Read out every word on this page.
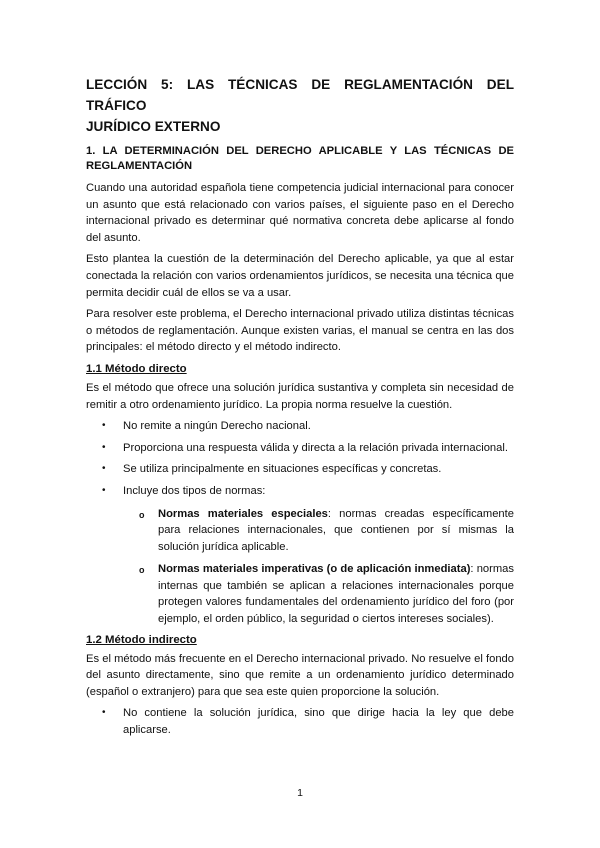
LECCIÓN 5: LAS TÉCNICAS DE REGLAMENTACIÓN DEL TRÁFICO
JURÍDICO EXTERNO
1. LA DETERMINACIÓN DEL DERECHO APLICABLE Y LAS TÉCNICAS DE
REGLAMENTACIÓN

Cuando una autoridad española tiene competencia judicial internacional para conocer un asunto que está relacionado con varios países, el siguiente paso en el Derecho internacional privado es determinar qué normativa concreta debe aplicarse al fondo del asunto.

Esto plantea la cuestión de la determinación del Derecho aplicable, ya que al estar conectada la relación con varios ordenamientos jurídicos, se necesita una técnica que permita decidir cuál de ellos se va a usar.

Para resolver este problema, el Derecho internacional privado utiliza distintas técnicas o métodos de reglamentación. Aunque existen varias, el manual se centra en las dos principales: el método directo y el método indirecto.

1.1 Método directo

Es el método que ofrece una solución jurídica sustantiva y completa sin necesidad de remitir a otro ordenamiento jurídico. La propia norma resuelve la cuestión.

• No remite a ningún Derecho nacional.
• Proporciona una respuesta válida y directa a la relación privada internacional.
• Se utiliza principalmente en situaciones específicas y concretas.
• Incluye dos tipos de normas:
o Normas materiales especiales: normas creadas específicamente para relaciones internacionales, que contienen por sí mismas la solución jurídica aplicable.
o Normas materiales imperativas (o de aplicación inmediata): normas internas que también se aplican a relaciones internacionales porque protegen valores fundamentales del ordenamiento jurídico del foro (por ejemplo, el orden público, la seguridad o ciertos intereses sociales).
1.2 Método indirecto

Es el método más frecuente en el Derecho internacional privado. No resuelve el fondo del asunto directamente, sino que remite a un ordenamiento jurídico determinado (español o extranjero) para que sea este quien proporcione la solución.

• No contiene la solución jurídica, sino que dirige hacia la ley que debe aplicarse.
1
